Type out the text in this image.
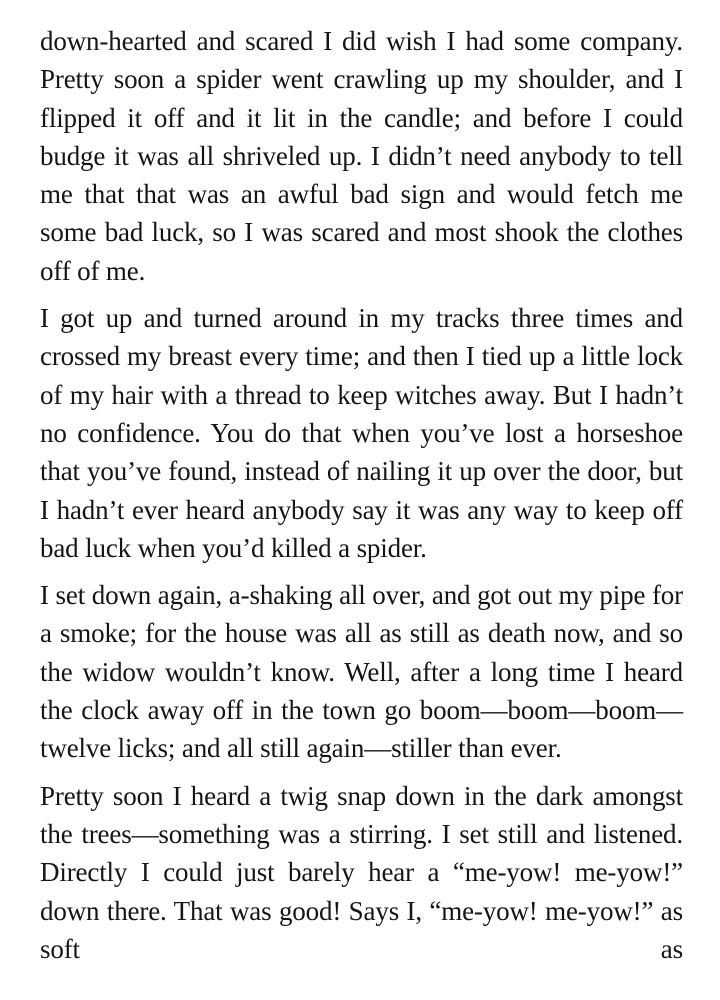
down-hearted and scared I did wish I had some company. Pretty soon a spider went crawling up my shoulder, and I flipped it off and it lit in the candle; and before I could budge it was all shriveled up. I didn’t need anybody to tell me that that was an awful bad sign and would fetch me some bad luck, so I was scared and most shook the clothes off of me.

I got up and turned around in my tracks three times and crossed my breast every time; and then I tied up a little lock of my hair with a thread to keep witches away. But I hadn’t no confidence. You do that when you’ve lost a horseshoe that you’ve found, instead of nailing it up over the door, but I hadn’t ever heard anybody say it was any way to keep off bad luck when you’d killed a spider.

I set down again, a-shaking all over, and got out my pipe for a smoke; for the house was all as still as death now, and so the widow wouldn’t know. Well, after a long time I heard the clock away off in the town go boom—boom—boom—twelve licks; and all still again—stiller than ever.

Pretty soon I heard a twig snap down in the dark amongst the trees—something was a stirring. I set still and listened. Directly I could just barely hear a “me-yow! me-yow!” down there. That was good! Says I, “me-yow! me-yow!” as soft as
